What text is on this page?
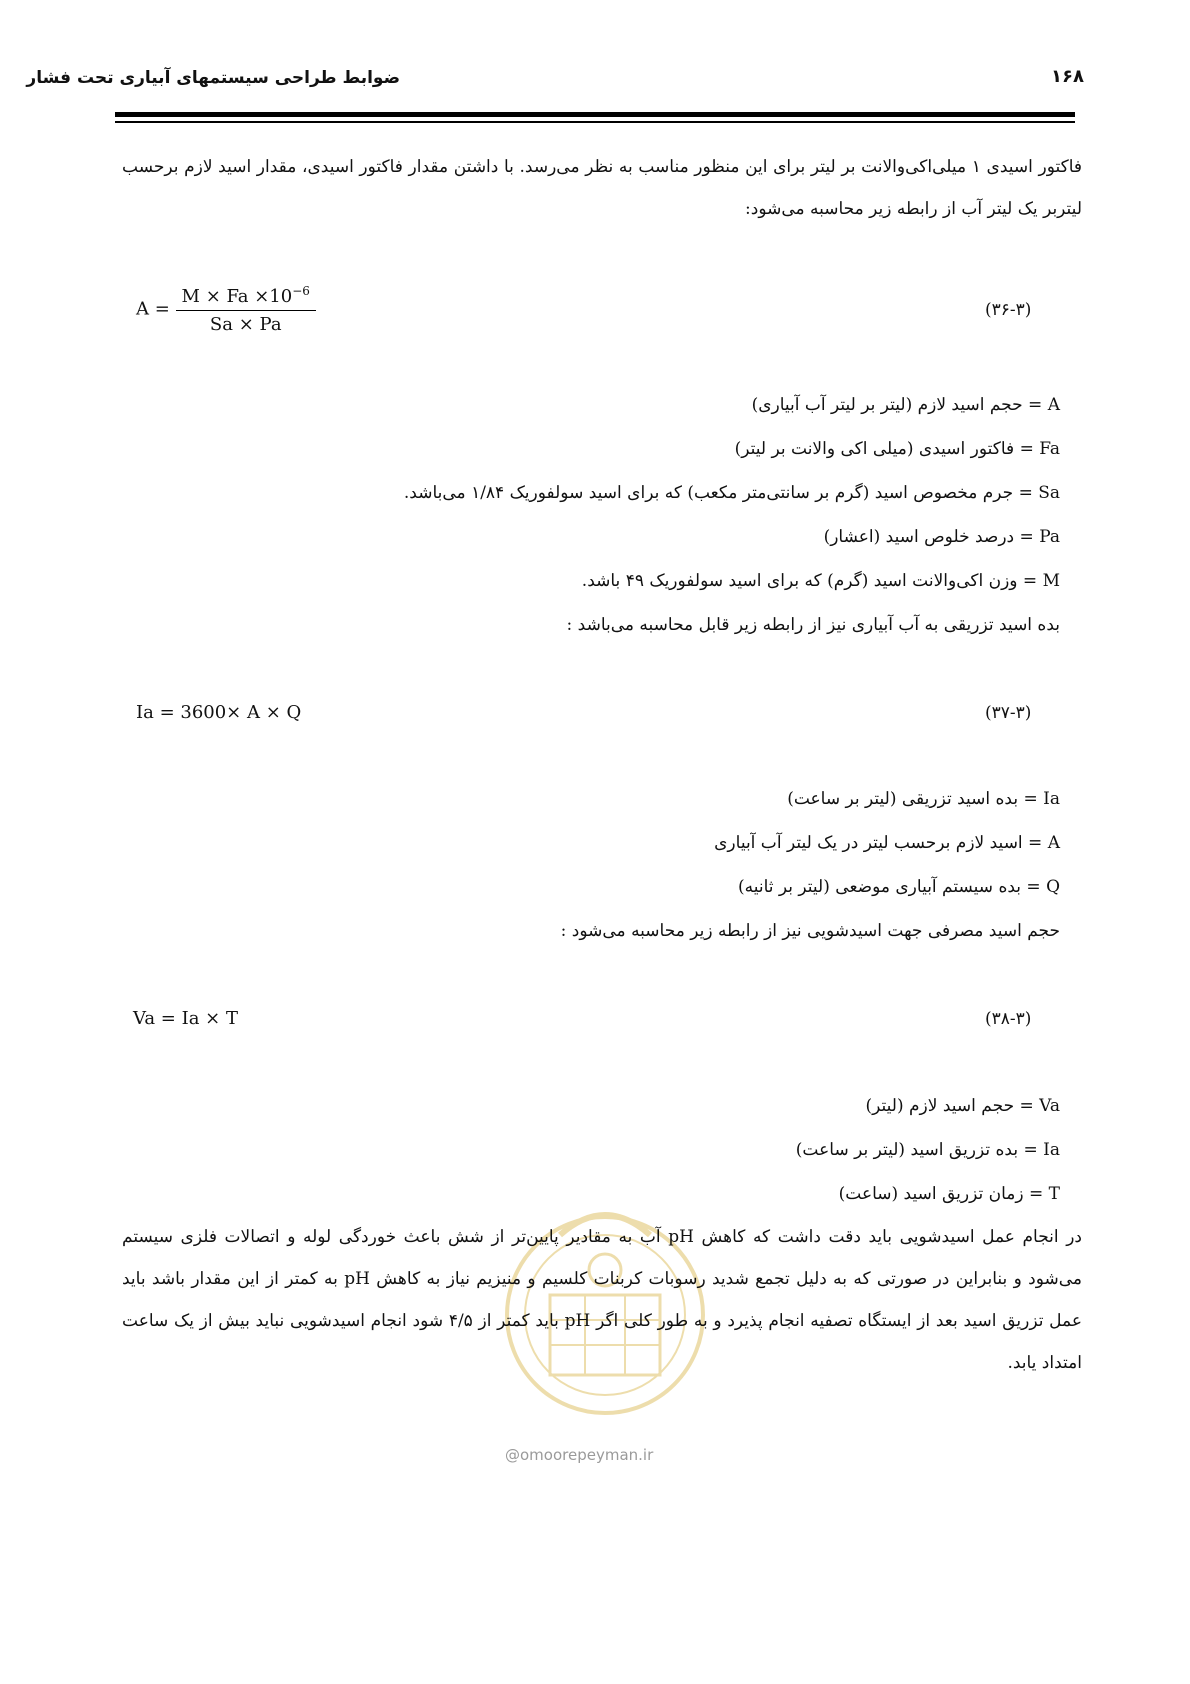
ضوابط طراحی سیستمهای آبیاری تحت فشار	۱۶۸
فاکتور اسیدی ۱ میلی‌اکی‌والانت بر لیتر برای این منظور مناسب به نظر می‌رسد. با داشتن مقدار فاکتور اسیدی، مقدار اسید لازم برحسب لیتربر یک لیتر آب از رابطه زیر محاسبه می‌شود:
$A = \frac{M \times Fa \times 10^{-6}}{Sa \times Pa}$	(۳۶-۳)
A = حجم اسید لازم (لیتر بر لیتر آب آبیاری)
Fa = فاکتور اسیدی (میلی اکی والانت بر لیتر)
Sa = جرم مخصوص اسید (گرم بر سانتی‌متر مکعب) که برای اسید سولفوریک ۱/۸۴ می‌باشد.
Pa = درصد خلوص اسید (اعشار)
M = وزن اکی‌والانت اسید (گرم) که برای اسید سولفوریک ۴۹ باشد.
بده اسید تزریقی به آب آبیاری نیز از رابطه زیر قابل محاسبه می‌باشد :
Ia = 3600× A × Q	(۳۷-۳)
Ia = بده اسید تزریقی (لیتر بر ساعت)
A = اسید لازم برحسب لیتر در یک لیتر آب آبیاری
Q = بده سیستم آبیاری موضعی (لیتر بر ثانیه)
حجم اسید مصرفی جهت اسیدشویی نیز از رابطه زیر محاسبه می‌شود :
Va = Ia × T	(۳۸-۳)
Va = حجم اسید لازم (لیتر)
Ia = بده تزریق اسید (لیتر بر ساعت)
T = زمان تزریق اسید (ساعت)
@omoorepeyman.ir
در انجام عمل اسیدشویی باید دقت داشت که کاهش pH آب به مقادیر پایین‌تر از شش باعث خوردگی لوله و اتصالات فلزی سیستم می‌شود و بنابراین در صورتی که به دلیل تجمع شدید رسوبات کربنات کلسیم و منیزیم نیاز به کاهش pH به کمتر از این مقدار باشد باید عمل تزریق اسید بعد از ایستگاه تصفیه انجام پذیرد و به طور کلی اگر pH باید کمتر از ۴/۵ شود انجام اسیدشویی نباید بیش از یک ساعت امتداد یابد.
